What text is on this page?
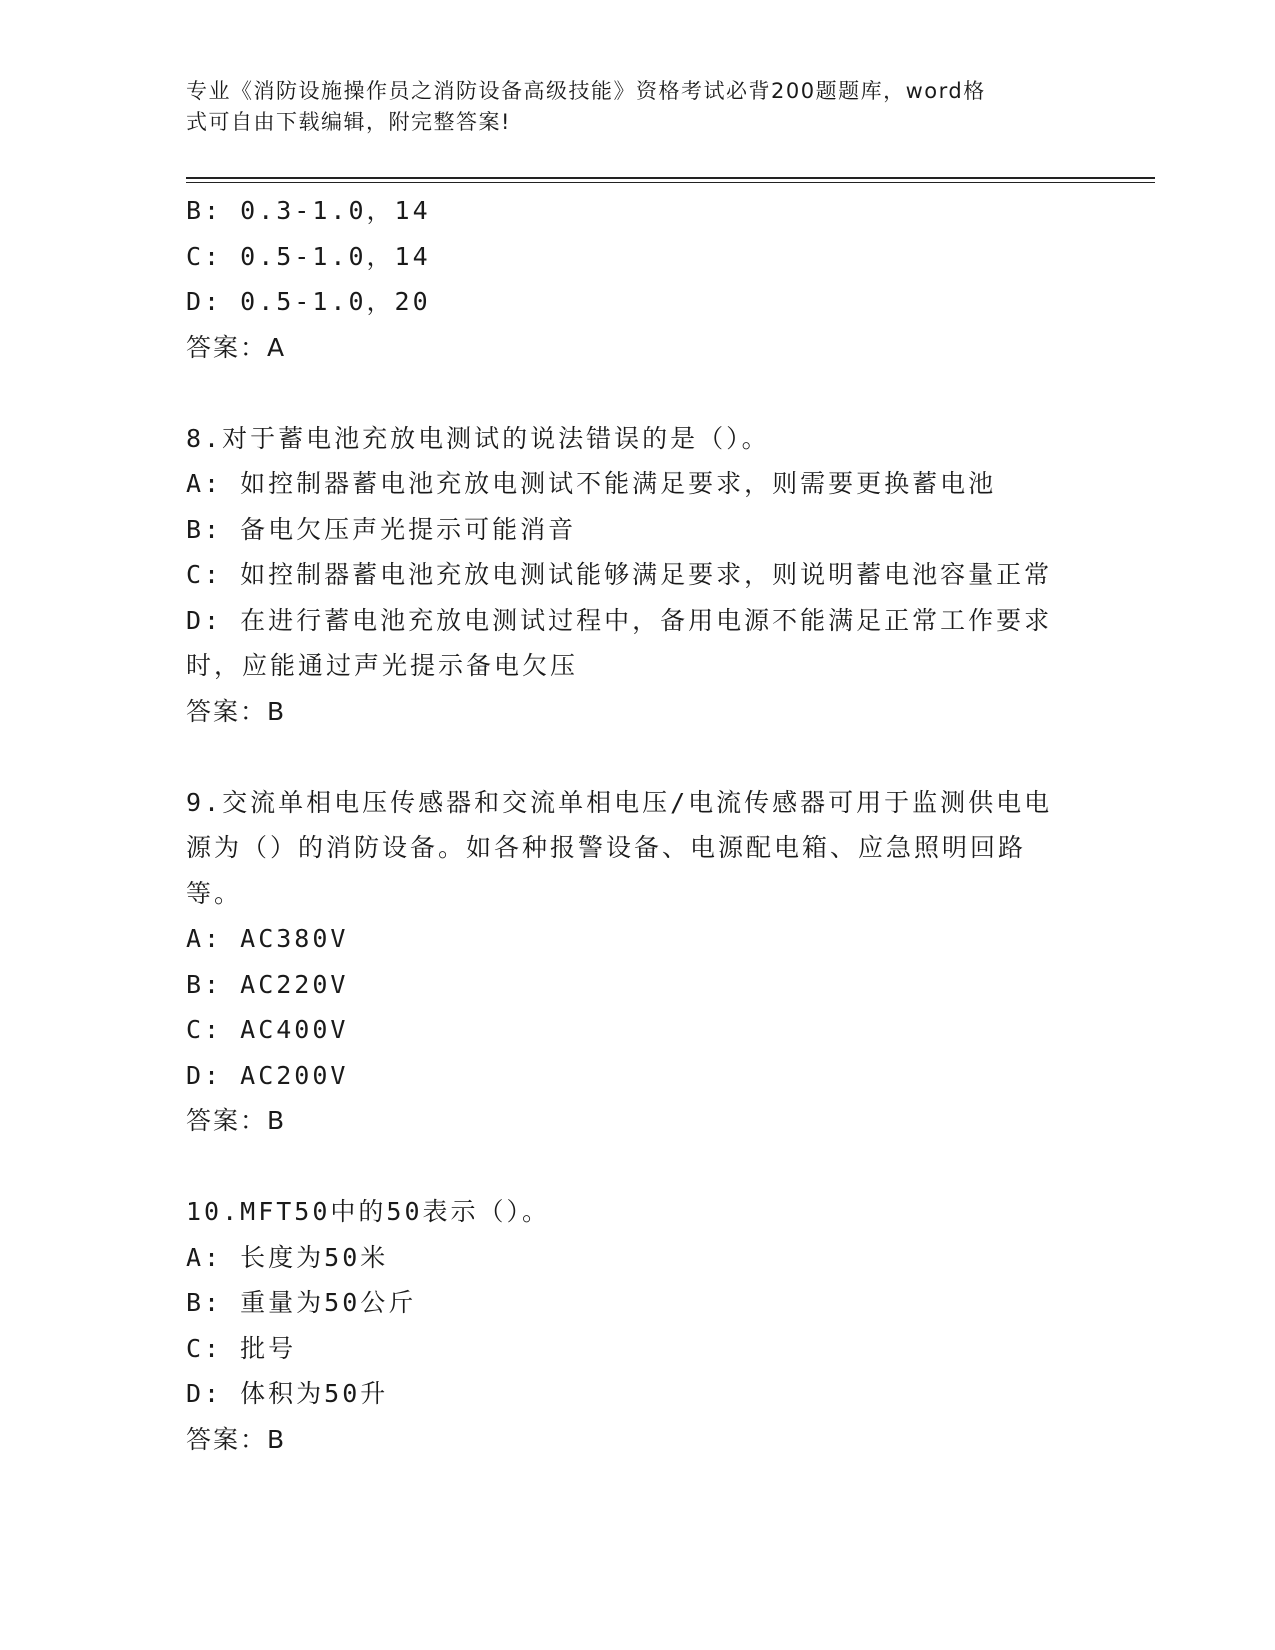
专业《消防设施操作员之消防设备高级技能》资格考试必背200题题库，word格
式可自由下载编辑，附完整答案!
B: 0.3-1.0，14
C: 0.5-1.0，14
D: 0.5-1.0，20
答案：A
8.对于蓄电池充放电测试的说法错误的是（）。
A: 如控制器蓄电池充放电测试不能满足要求，则需要更换蓄电池
B: 备电欠压声光提示可能消音
C: 如控制器蓄电池充放电测试能够满足要求，则说明蓄电池容量正常
D: 在进行蓄电池充放电测试过程中，备用电源不能满足正常工作要求
时，应能通过声光提示备电欠压
答案：B
9.交流单相电压传感器和交流单相电压/电流传感器可用于监测供电电
源为（）的消防设备。如各种报警设备、电源配电箱、应急照明回路
等。
A: AC380V
B: AC220V
C: AC400V
D: AC200V
答案：B
10.MFT50中的50表示（）。
A: 长度为50米
B: 重量为50公斤
C: 批号
D: 体积为50升
答案：B
